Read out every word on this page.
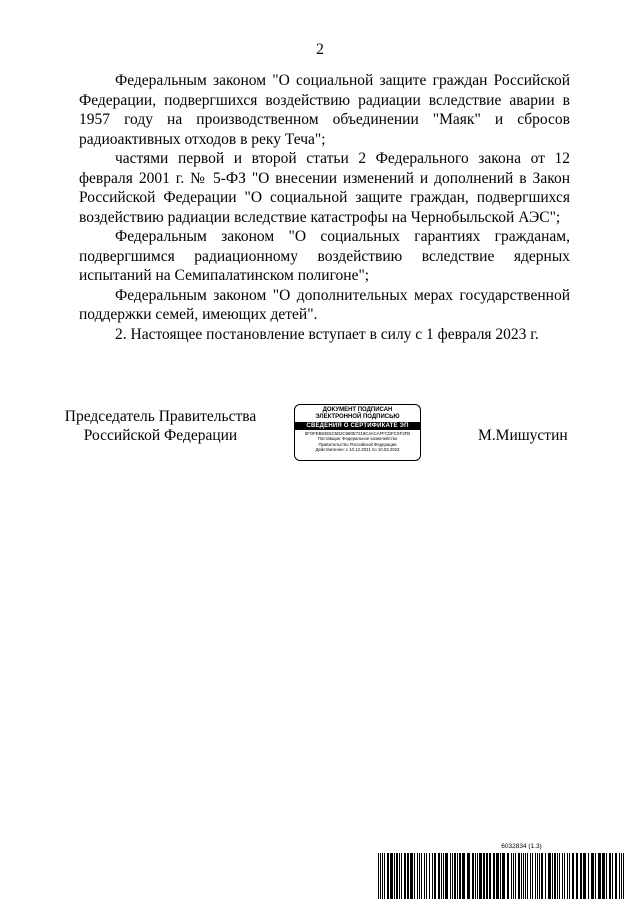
2

Федеральным законом "О социальной защите граждан Российской Федерации, подвергшихся воздействию радиации вследствие аварии в 1957 году на производственном объединении "Маяк" и сбросов радиоактивных отходов в реку Теча";

частями первой и второй статьи 2 Федерального закона от 12 февраля 2001 г. № 5-ФЗ "О внесении изменений и дополнений в Закон Российской Федерации "О социальной защите граждан, подвергшихся воздействию радиации вследствие катастрофы на Чернобыльской АЭС";

Федеральным законом "О социальных гарантиях гражданам, подвергшимся радиационному воздействию вследствие ядерных испытаний на Семипалатинском полигоне";

Федеральным законом "О дополнительных мерах государственной поддержки семей, имеющих детей".

2. Настоящее постановление вступает в силу с 1 февраля 2023 г.

Председатель Правительства
Российской Федерации
ДОКУМЕНТ ПОДПИСАН
ЭЛЕКТРОННОЙ ПОДПИСЬЮ
СВЕДЕНИЯ О СЕРТИФИКАТЕ ЭП
5FOFEB84E5C5D2C680E7218C4ACAFFCDFCSF3FB
Поставщик: Федеральное казначейство
Правительство Российской Федерации
Действителен: с 10.12.2021 по 10.03.2023
М.Мишустин
6032834 (1.3)
